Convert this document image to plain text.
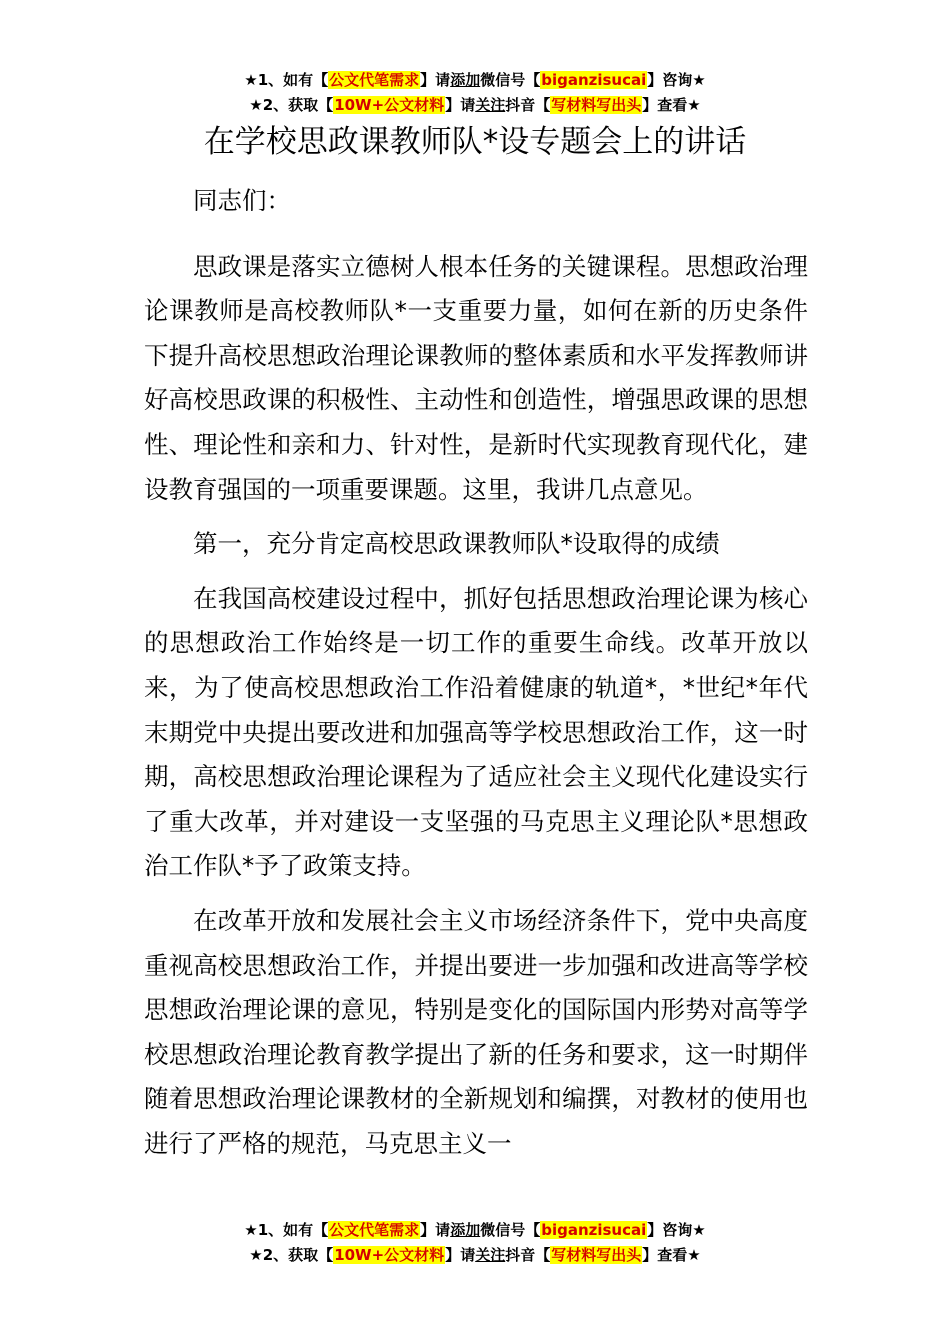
★1、如有【公文代笔需求】请添加微信号【biganzisucai】咨询★
★2、获取【10W+公文材料】请关注抖音【写材料写出头】查看★
在学校思政课教师队*设专题会上的讲话

同志们：

思政课是落实立德树人根本任务的关键课程。思想政治理论课教师是高校教师队*一支重要力量，如何在新的历史条件下提升高校思想政治理论课教师的整体素质和水平发挥教师讲好高校思政课的积极性、主动性和创造性，增强思政课的思想性、理论性和亲和力、针对性，是新时代实现教育现代化，建设教育强国的一项重要课题。这里，我讲几点意见。

第一，充分肯定高校思政课教师队*设取得的成绩

在我国高校建设过程中，抓好包括思想政治理论课为核心的思想政治工作始终是一切工作的重要生命线。改革开放以来，为了使高校思想政治工作沿着健康的轨道*，*世纪*年代末期党中央提出要改进和加强高等学校思想政治工作，这一时期，高校思想政治理论课程为了适应社会主义现代化建设实行了重大改革，并对建设一支坚强的马克思主义理论队*思想政治工作队*予了政策支持。

在改革开放和发展社会主义市场经济条件下，党中央高度重视高校思想政治工作，并提出要进一步加强和改进高等学校思想政治理论课的意见，特别是变化的国际国内形势对高等学校思想政治理论教育教学提出了新的任务和要求，这一时期伴随着思想政治理论课教材的全新规划和编撰，对教材的使用也进行了严格的规范，马克思主义一

★1、如有【公文代笔需求】请添加微信号【biganzisucai】咨询★
★2、获取【10W+公文材料】请关注抖音【写材料写出头】查看★
